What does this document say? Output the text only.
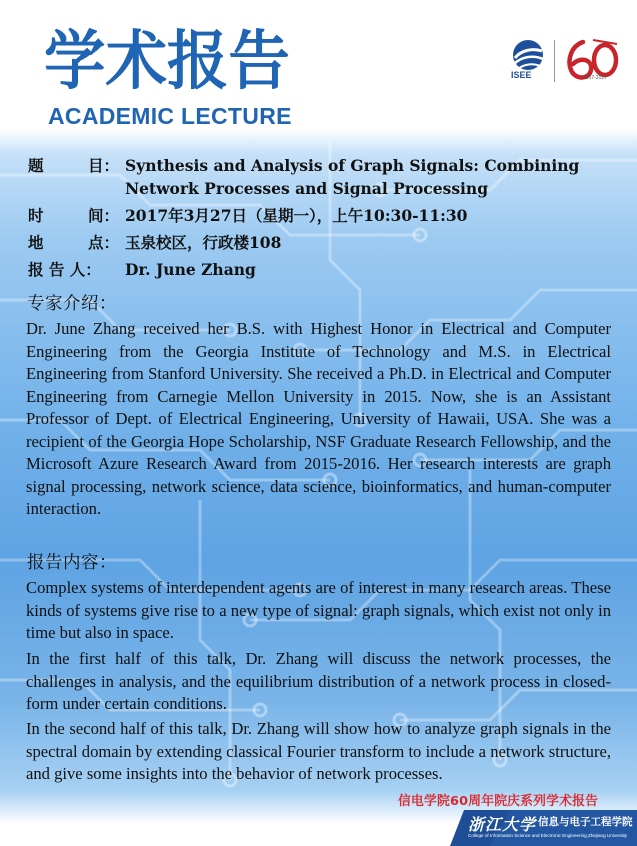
学术报告
ACADEMIC LECTURE
ISEE	1957-2017
题	目： Synthesis and Analysis of Graph Signals: Combining
Network Processes and Signal Processing
时	间： 2017年3月27日（星期一），上午10:30-11:30
地	点： 玉泉校区，行政楼108
报 告 人： Dr. June Zhang
专家介绍：

Dr. June Zhang received her B.S. with Highest Honor in Electrical and Computer Engineering from the Georgia Institute of Technology and M.S. in Electrical Engineering from Stanford University. She received a Ph.D. in Electrical and Computer Engineering from Carnegie Mellon University in 2015. Now, she is an Assistant Professor of Dept. of Electrical Engineering, University of Hawaii, USA. She was a recipient of the Georgia Hope Scholarship, NSF Graduate Research Fellowship, and the Microsoft Azure Research Award from 2015-2016. Her research interests are graph signal processing, network science, data science, bioinformatics, and human-computer interaction.

报告内容：

Complex systems of interdependent agents are of interest in many research areas. These kinds of systems give rise to a new type of signal: graph signals, which exist not only in time but also in space.

In the first half of this talk, Dr. Zhang will discuss the network processes, the challenges in analysis, and the equilibrium distribution of a network process in closed-form under certain conditions.

In the second half of this talk, Dr. Zhang will show how to analyze graph signals in the spectral domain by extending classical Fourier transform to include a network structure, and give some insights into the behavior of network processes.

信电学院60周年院庆系列学术报告
浙江大学 信息与电子工程学院
College of Information Science and Electronic Engineering,Zhejiang University
